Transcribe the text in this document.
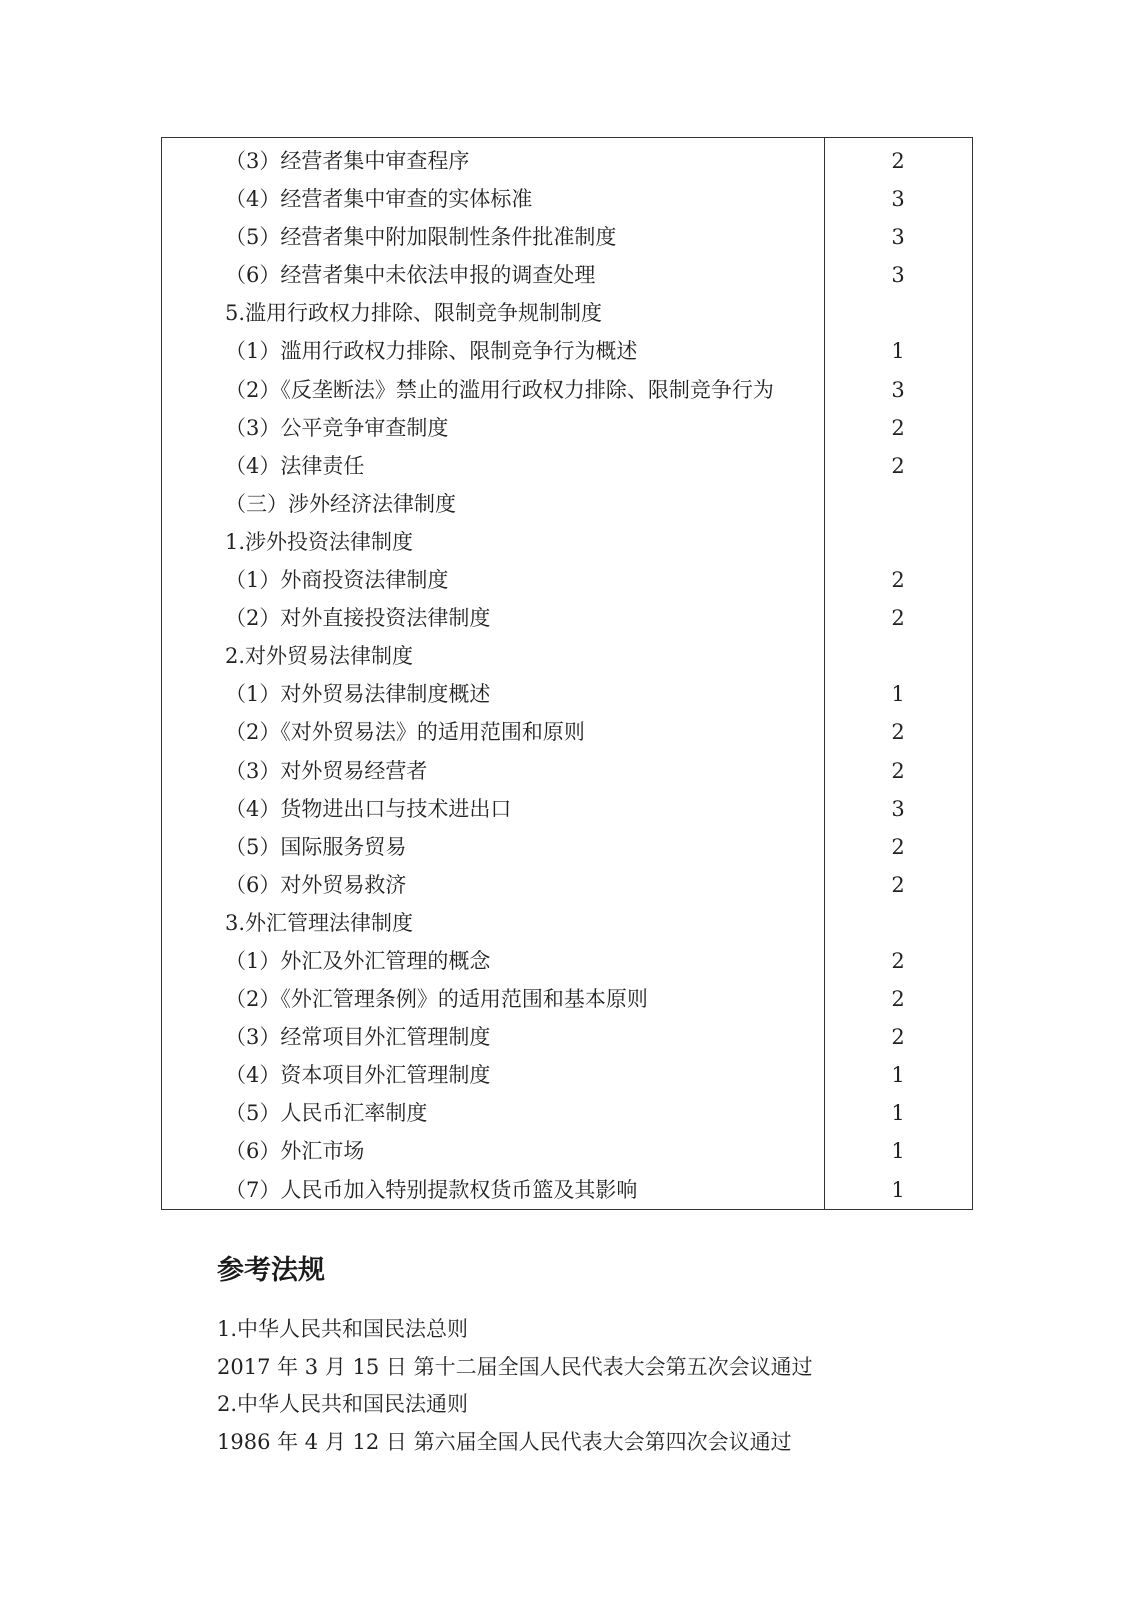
（3）经营者集中审查程序	2
（4）经营者集中审查的实体标准	3
（5）经营者集中附加限制性条件批准制度	3
（6）经营者集中未依法申报的调查处理	3
5.滥用行政权力排除、限制竞争规制制度
（1）滥用行政权力排除、限制竞争行为概述	1
（2）《反垄断法》禁止的滥用行政权力排除、限制竞争行为	3
（3）公平竞争审查制度	2
（4）法律责任	2
（三）涉外经济法律制度
1.涉外投资法律制度
（1）外商投资法律制度	2
（2）对外直接投资法律制度	2
2.对外贸易法律制度
（1）对外贸易法律制度概述	1
（2）《对外贸易法》的适用范围和原则	2
（3）对外贸易经营者	2
（4）货物进出口与技术进出口	3
（5）国际服务贸易	2
（6）对外贸易救济	2
3.外汇管理法律制度
（1）外汇及外汇管理的概念	2
（2）《外汇管理条例》的适用范围和基本原则	2
（3）经常项目外汇管理制度	2
（4）资本项目外汇管理制度	1
（5）人民币汇率制度	1
（6）外汇市场	1
（7）人民币加入特别提款权货币篮及其影响	1
参考法规
1.中华人民共和国民法总则
2017 年 3 月 15 日 第十二届全国人民代表大会第五次会议通过
2.中华人民共和国民法通则
1986 年 4 月 12 日 第六届全国人民代表大会第四次会议通过
